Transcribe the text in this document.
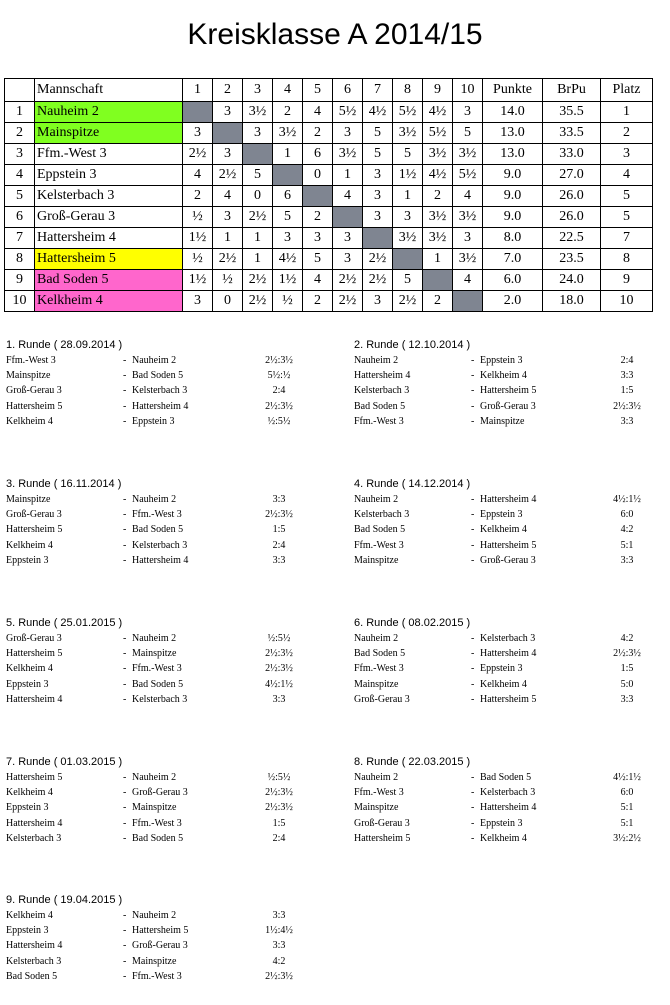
Kreisklasse A 2014/15
	Mannschaft	1	2	3	4	5	6	7	8	9	10	Punkte	BrPu	Platz
1	Nauheim 2		3	3½	2	4	5½	4½	5½	4½	3	14.0	35.5	1
2	Mainspitze	3		3	3½	2	3	5	3½	5½	5	13.0	33.5	2
3	Ffm.-West 3	2½	3		1	6	3½	5	5	3½	3½	13.0	33.0	3
4	Eppstein 3	4	2½	5		0	1	3	1½	4½	5½	9.0	27.0	4
5	Kelsterbach 3	2	4	0	6		4	3	1	2	4	9.0	26.0	5
6	Groß-Gerau 3	½	3	2½	5	2		3	3	3½	3½	9.0	26.0	5
7	Hattersheim 4	1½	1	1	3	3	3		3½	3½	3	8.0	22.5	7
8	Hattersheim 5	½	2½	1	4½	5	3	2½		1	3½	7.0	23.5	8
9	Bad Soden 5	1½	½	2½	1½	4	2½	2½	5		4	6.0	24.0	9
10	Kelkheim 4	3	0	2½	½	2	2½	3	2½	2		2.0	18.0	10
1. Runde ( 28.09.2014 )
Ffm.-West 3	- Nauheim 2	2½:3½
Mainspitze	- Bad Soden 5	5½:½
Groß-Gerau 3	- Kelsterbach 3	2:4
Hattersheim 5	- Hattersheim 4	2½:3½
Kelkheim 4	- Eppstein 3	½:5½
2. Runde ( 12.10.2014 )
Nauheim 2	- Eppstein 3	2:4
Hattersheim 4	- Kelkheim 4	3:3
Kelsterbach 3	- Hattersheim 5	1:5
Bad Soden 5	- Groß-Gerau 3	2½:3½
Ffm.-West 3	- Mainspitze	3:3
3. Runde ( 16.11.2014 )
Mainspitze	- Nauheim 2	3:3
Groß-Gerau 3	- Ffm.-West 3	2½:3½
Hattersheim 5	- Bad Soden 5	1:5
Kelkheim 4	- Kelsterbach 3	2:4
Eppstein 3	- Hattersheim 4	3:3
4. Runde ( 14.12.2014 )
Nauheim 2	- Hattersheim 4	4½:1½
Kelsterbach 3	- Eppstein 3	6:0
Bad Soden 5	- Kelkheim 4	4:2
Ffm.-West 3	- Hattersheim 5	5:1
Mainspitze	- Groß-Gerau 3	3:3
5. Runde ( 25.01.2015 )
Groß-Gerau 3	- Nauheim 2	½:5½
Hattersheim 5	- Mainspitze	2½:3½
Kelkheim 4	- Ffm.-West 3	2½:3½
Eppstein 3	- Bad Soden 5	4½:1½
Hattersheim 4	- Kelsterbach 3	3:3
6. Runde ( 08.02.2015 )
Nauheim 2	- Kelsterbach 3	4:2
Bad Soden 5	- Hattersheim 4	2½:3½
Ffm.-West 3	- Eppstein 3	1:5
Mainspitze	- Kelkheim 4	5:0
Groß-Gerau 3	- Hattersheim 5	3:3
7. Runde ( 01.03.2015 )
Hattersheim 5	- Nauheim 2	½:5½
Kelkheim 4	- Groß-Gerau 3	2½:3½
Eppstein 3	- Mainspitze	2½:3½
Hattersheim 4	- Ffm.-West 3	1:5
Kelsterbach 3	- Bad Soden 5	2:4
8. Runde ( 22.03.2015 )
Nauheim 2	- Bad Soden 5	4½:1½
Ffm.-West 3	- Kelsterbach 3	6:0
Mainspitze	- Hattersheim 4	5:1
Groß-Gerau 3	- Eppstein 3	5:1
Hattersheim 5	- Kelkheim 4	3½:2½
9. Runde ( 19.04.2015 )
Kelkheim 4	- Nauheim 2	3:3
Eppstein 3	- Hattersheim 5	1½:4½
Hattersheim 4	- Groß-Gerau 3	3:3
Kelsterbach 3	- Mainspitze	4:2
Bad Soden 5	- Ffm.-West 3	2½:3½
